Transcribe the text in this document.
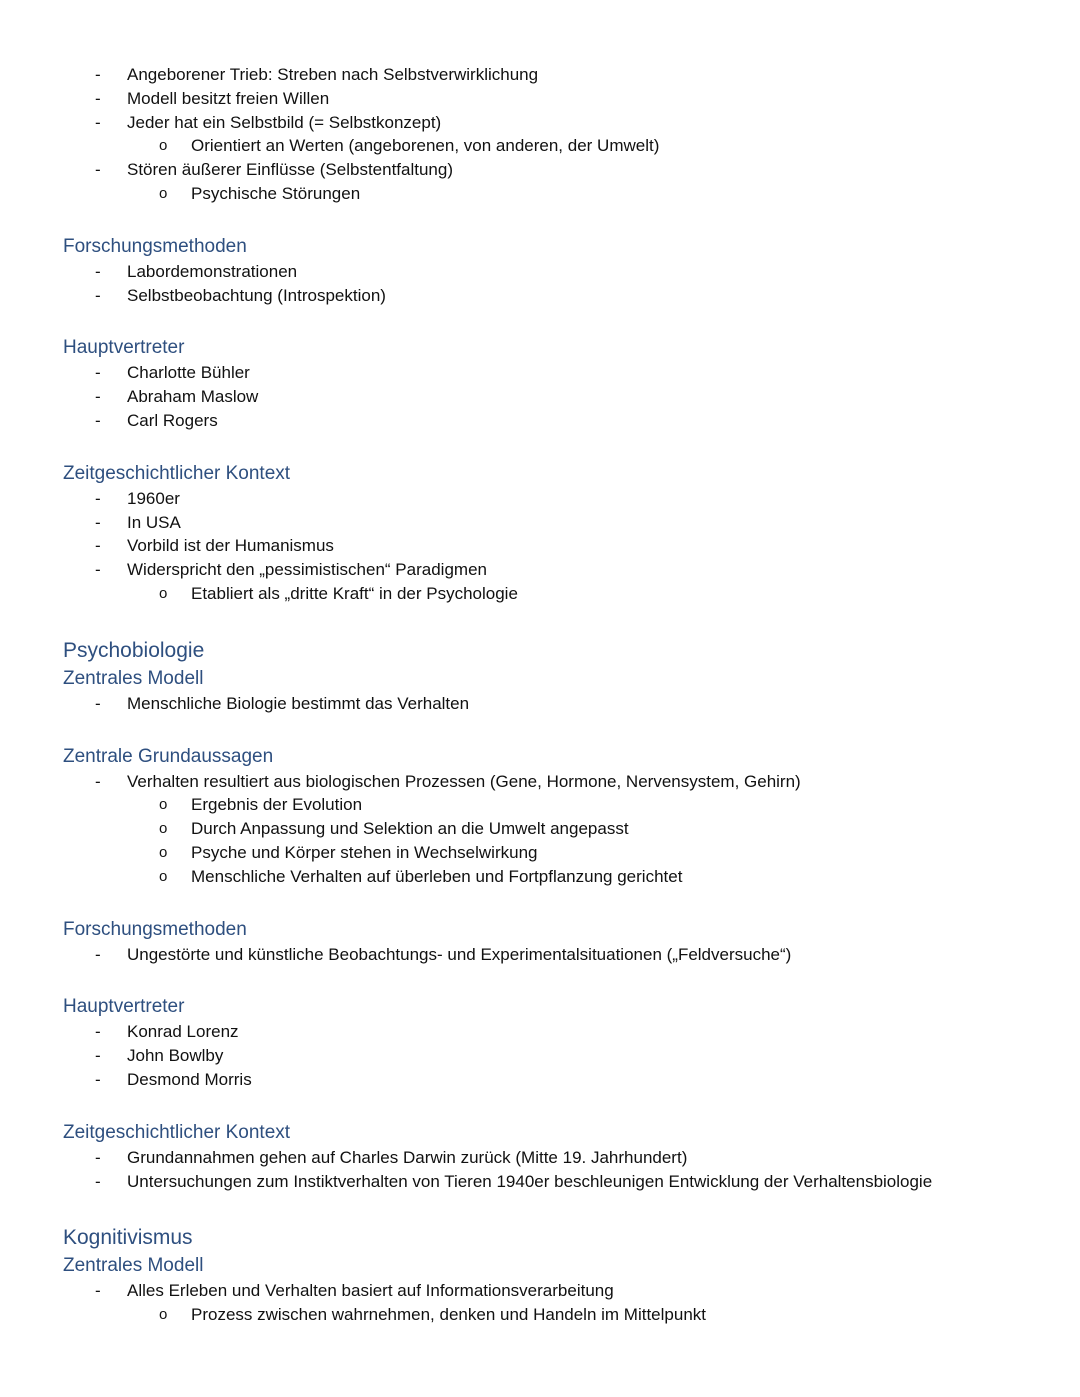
- Angeborener Trieb: Streben nach Selbstverwirklichung
- Modell besitzt freien Willen
- Jeder hat ein Selbstbild (= Selbstkonzept)
o Orientiert an Werten (angeborenen, von anderen, der Umwelt)
- Stören äußerer Einflüsse (Selbstentfaltung)
o Psychische Störungen
Forschungsmethoden
- Labordemonstrationen
- Selbstbeobachtung (Introspektion)
Hauptvertreter
- Charlotte Bühler
- Abraham Maslow
- Carl Rogers
Zeitgeschichtlicher Kontext
- 1960er
- In USA
- Vorbild ist der Humanismus
- Widerspricht den „pessimistischen“ Paradigmen
o Etabliert als „dritte Kraft“ in der Psychologie
Psychobiologie
Zentrales Modell
- Menschliche Biologie bestimmt das Verhalten
Zentrale Grundaussagen
- Verhalten resultiert aus biologischen Prozessen (Gene, Hormone, Nervensystem, Gehirn)
o Ergebnis der Evolution
o Durch Anpassung und Selektion an die Umwelt angepasst
o Psyche und Körper stehen in Wechselwirkung
o Menschliche Verhalten auf überleben und Fortpflanzung gerichtet
Forschungsmethoden
- Ungestörte und künstliche Beobachtungs- und Experimentalsituationen („Feldversuche“)
Hauptvertreter
- Konrad Lorenz
- John Bowlby
- Desmond Morris
Zeitgeschichtlicher Kontext
- Grundannahmen gehen auf Charles Darwin zurück (Mitte 19. Jahrhundert)
- Untersuchungen zum Instiktverhalten von Tieren 1940er beschleunigen Entwicklung der Verhaltensbiologie
Kognitivismus
Zentrales Modell
- Alles Erleben und Verhalten basiert auf Informationsverarbeitung
o Prozess zwischen wahrnehmen, denken und Handeln im Mittelpunkt
